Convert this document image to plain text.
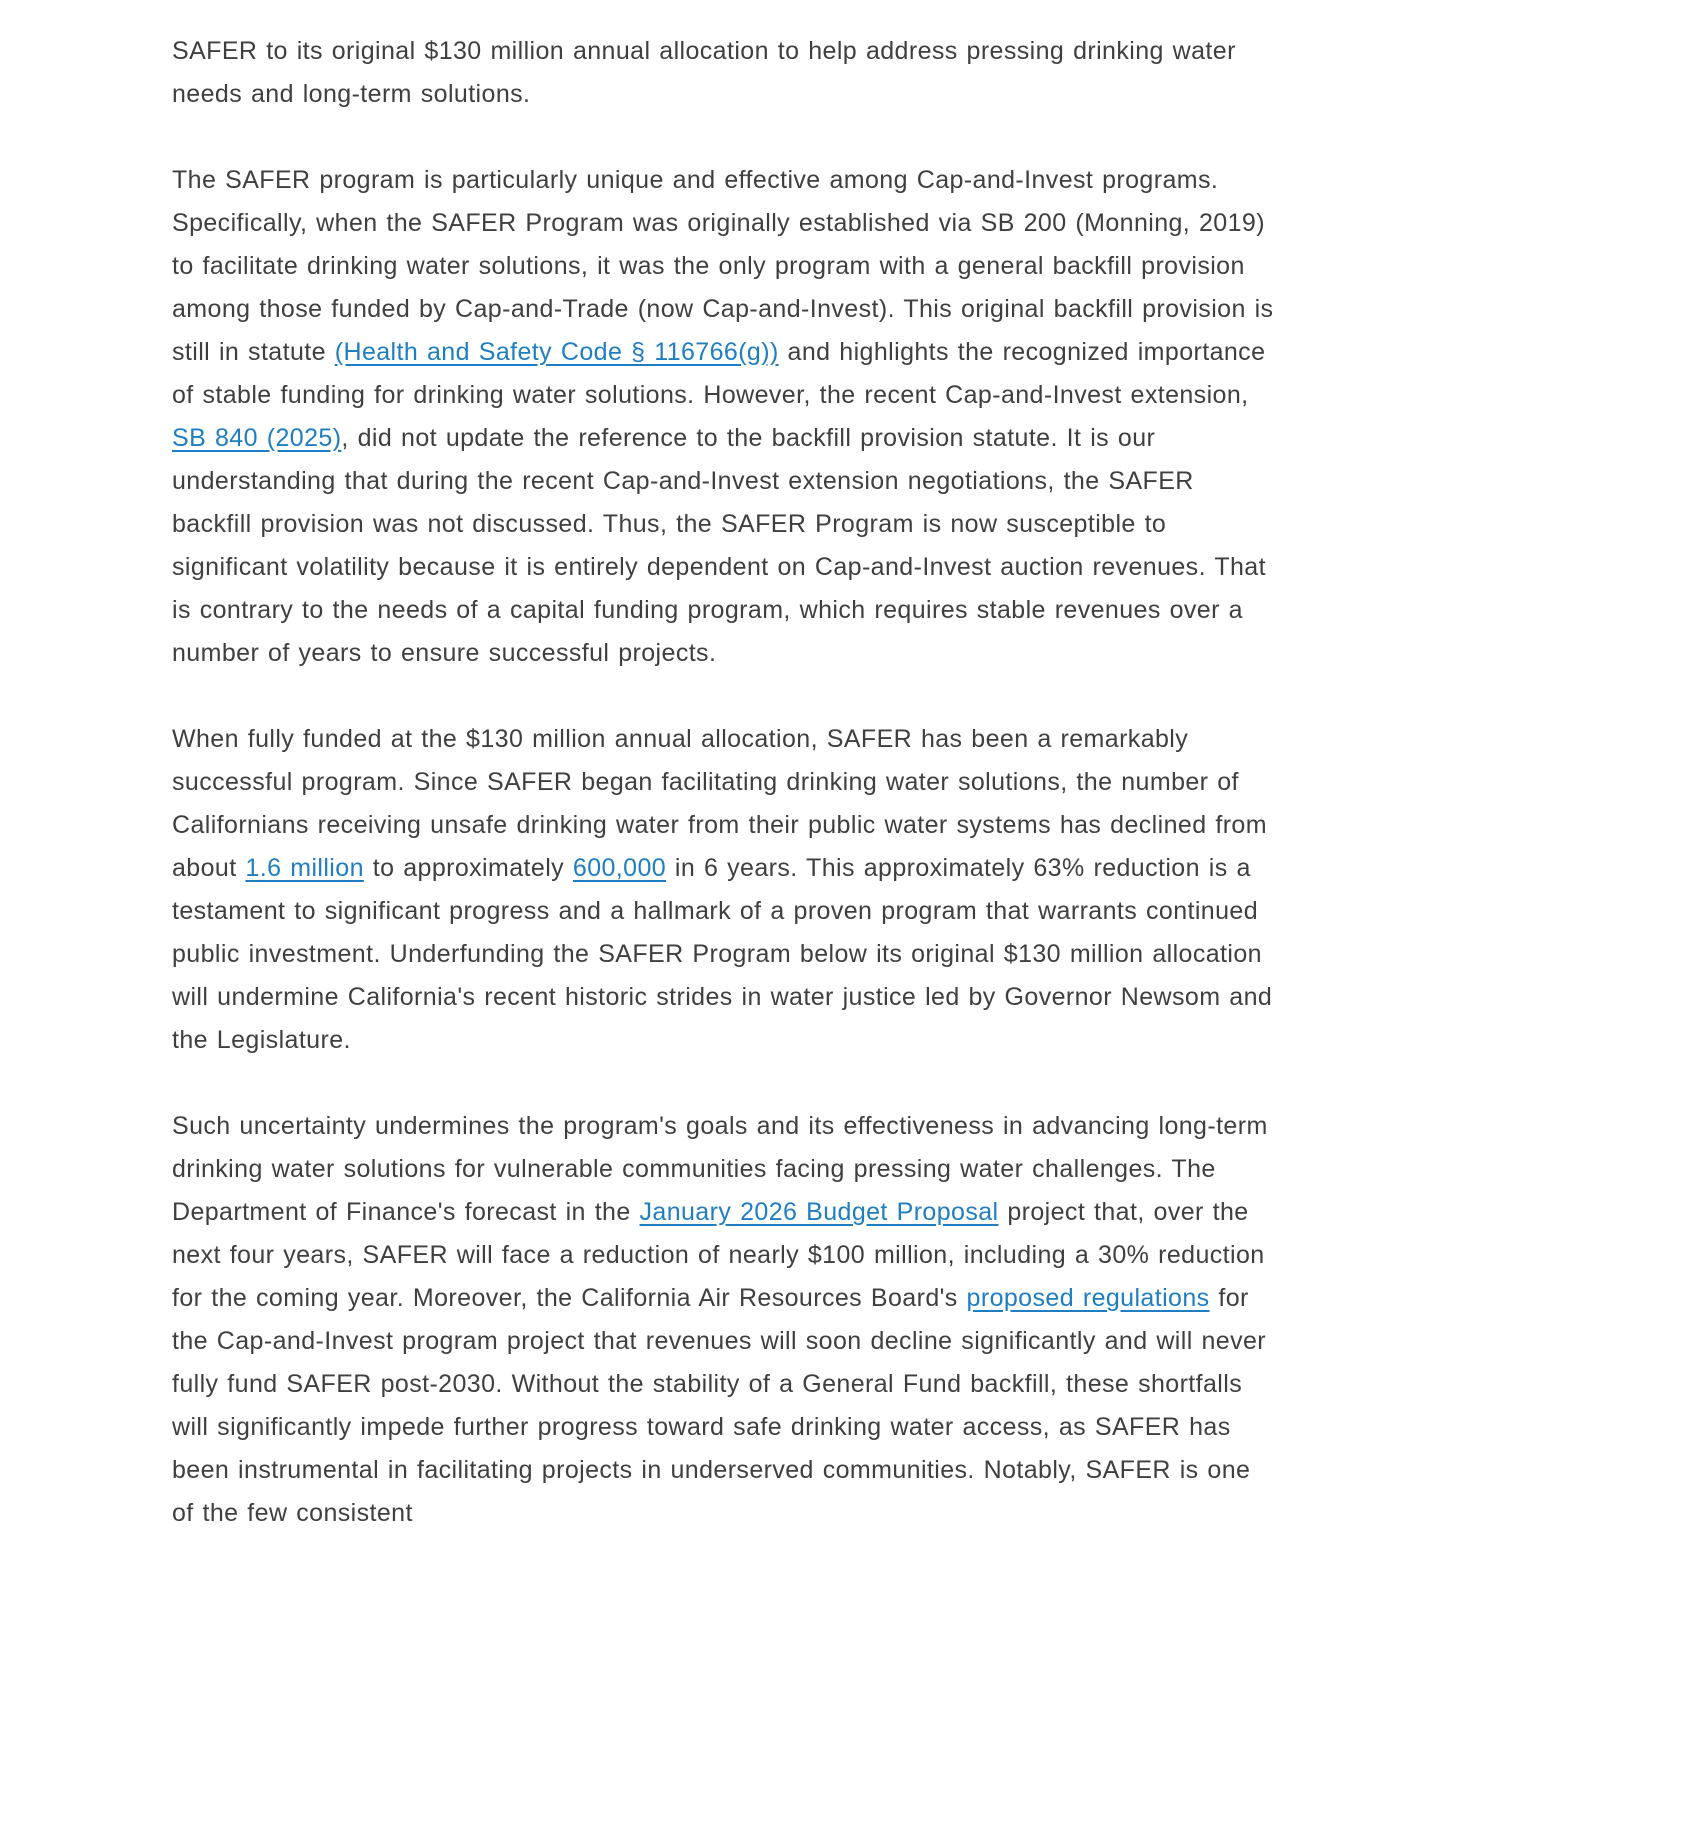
SAFER to its original $130 million annual allocation to help address pressing drinking water needs and long-term solutions.

The SAFER program is particularly unique and effective among Cap-and-Invest programs. Specifically, when the SAFER Program was originally established via SB 200 (Monning, 2019) to facilitate drinking water solutions, it was the only program with a general backfill provision among those funded by Cap-and-Trade (now Cap-and-Invest). This original backfill provision is still in statute (Health and Safety Code § 116766(g)) and highlights the recognized importance of stable funding for drinking water solutions. However, the recent Cap-and-Invest extension, SB 840 (2025), did not update the reference to the backfill provision statute. It is our understanding that during the recent Cap-and-Invest extension negotiations, the SAFER backfill provision was not discussed. Thus, the SAFER Program is now susceptible to significant volatility because it is entirely dependent on Cap-and-Invest auction revenues. That is contrary to the needs of a capital funding program, which requires stable revenues over a number of years to ensure successful projects.

When fully funded at the $130 million annual allocation, SAFER has been a remarkably successful program. Since SAFER began facilitating drinking water solutions, the number of Californians receiving unsafe drinking water from their public water systems has declined from about 1.6 million to approximately 600,000 in 6 years. This approximately 63% reduction is a testament to significant progress and a hallmark of a proven program that warrants continued public investment. Underfunding the SAFER Program below its original $130 million allocation will undermine California's recent historic strides in water justice led by Governor Newsom and the Legislature.

Such uncertainty undermines the program's goals and its effectiveness in advancing long-term drinking water solutions for vulnerable communities facing pressing water challenges. The Department of Finance's forecast in the January 2026 Budget Proposal project that, over the next four years, SAFER will face a reduction of nearly $100 million, including a 30% reduction for the coming year. Moreover, the California Air Resources Board's proposed regulations for the Cap-and-Invest program project that revenues will soon decline significantly and will never fully fund SAFER post-2030. Without the stability of a General Fund backfill, these shortfalls will significantly impede further progress toward safe drinking water access, as SAFER has been instrumental in facilitating projects in underserved communities. Notably, SAFER is one of the few consistent
